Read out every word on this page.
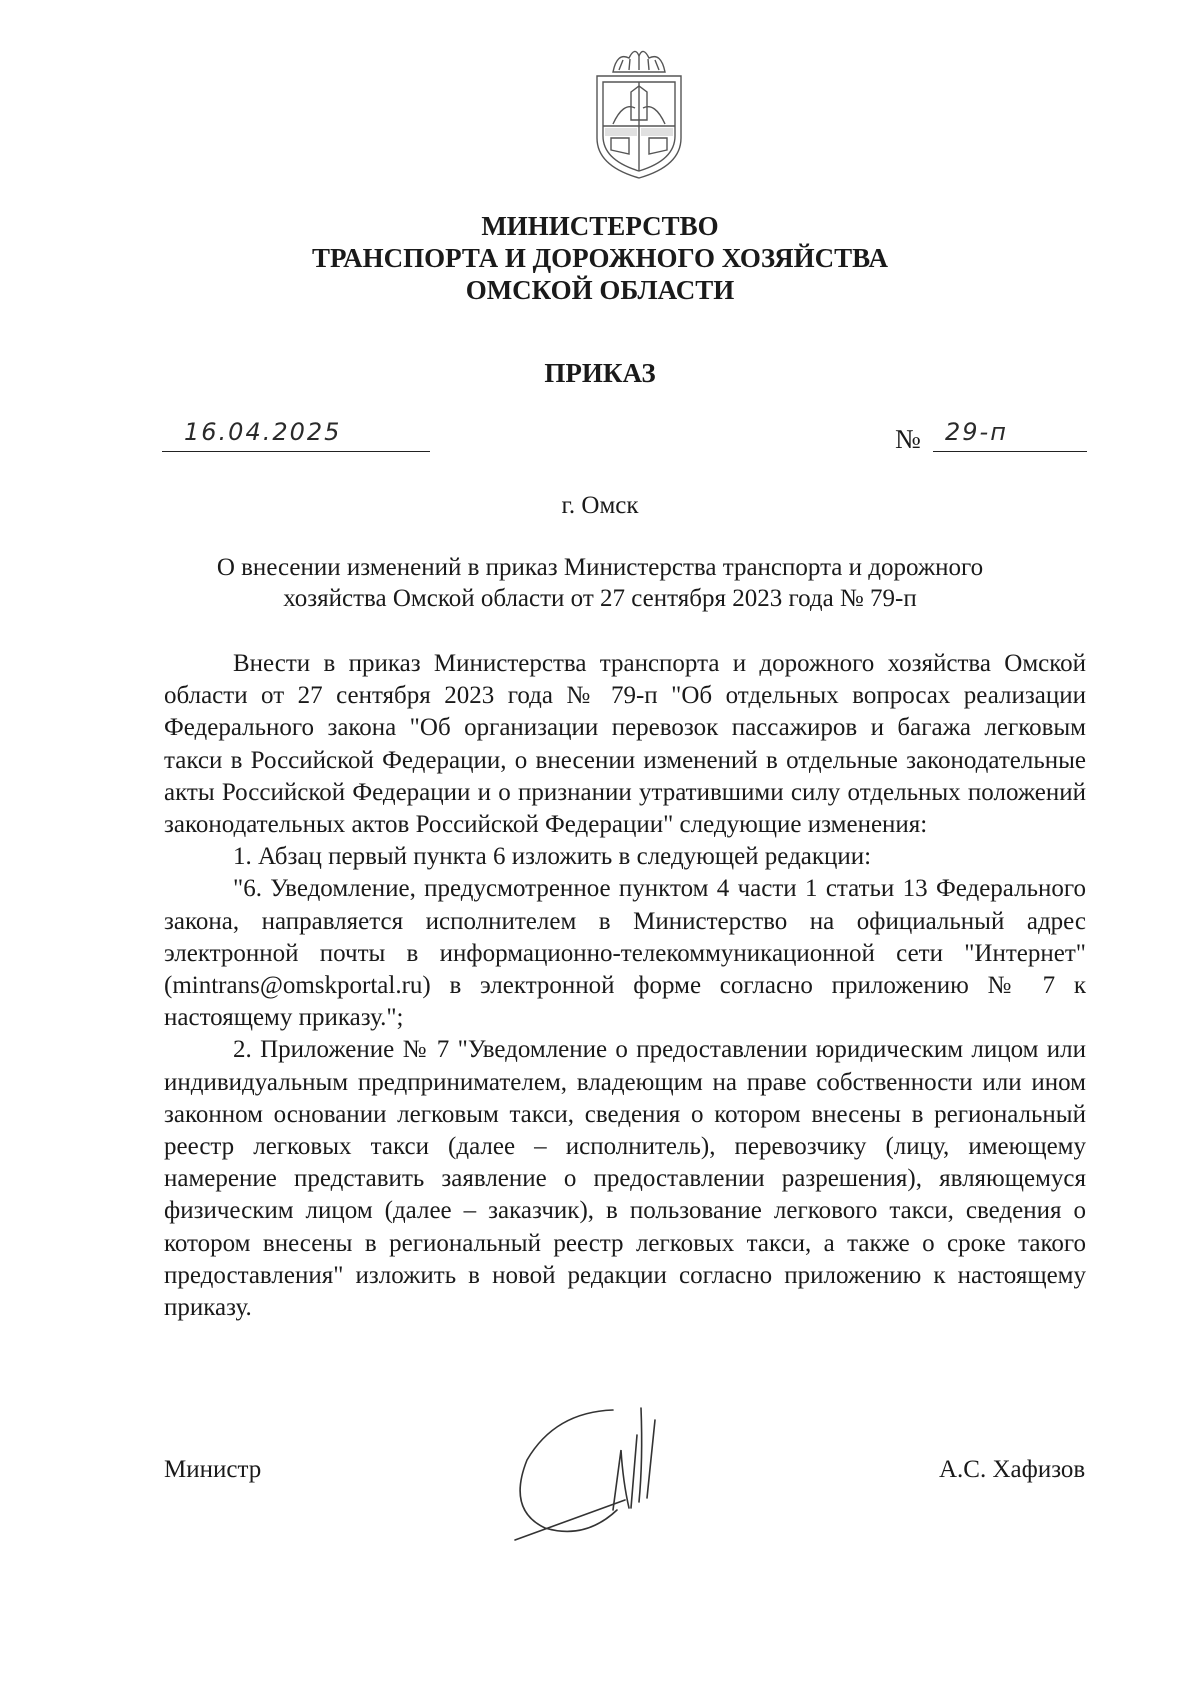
МИНИСТЕРСТВО
ТРАНСПОРТА И ДОРОЖНОГО ХОЗЯЙСТВА
ОМСКОЙ ОБЛАСТИ
ПРИКАЗ
16.04.2025	№ 29-п
г. Омск
О внесении изменений в приказ Министерства транспорта и дорожного
хозяйства Омской области от 27 сентября 2023 года № 79-п

Внести в приказ Министерства транспорта и дорожного хозяйства Омской области от 27 сентября 2023 года № 79-п "Об отдельных вопросах реализации Федерального закона "Об организации перевозок пассажиров и багажа легковым такси в Российской Федерации, о внесении изменений в отдельные законодательные акты Российской Федерации и о признании утратившими силу отдельных положений законодательных актов Российской Федерации" следующие изменения:

1. Абзац первый пункта 6 изложить в следующей редакции:

"6. Уведомление, предусмотренное пунктом 4 части 1 статьи 13 Федерального закона, направляется исполнителем в Министерство на официальный адрес электронной почты в информационно-телекоммуникационной сети "Интернет" (mintrans@omskportal.ru) в электронной форме согласно приложению № 7 к настоящему приказу.";

2. Приложение № 7 "Уведомление о предоставлении юридическим лицом или индивидуальным предпринимателем, владеющим на праве собственности или ином законном основании легковым такси, сведения о котором внесены в региональный реестр легковых такси (далее – исполнитель), перевозчику (лицу, имеющему намерение представить заявление о предоставлении разрешения), являющемуся физическим лицом (далее – заказчик), в пользование легкового такси, сведения о котором внесены в региональный реестр легковых такси, а также о сроке такого предоставления" изложить в новой редакции согласно приложению к настоящему приказу.

Министр	А.С. Хафизов
